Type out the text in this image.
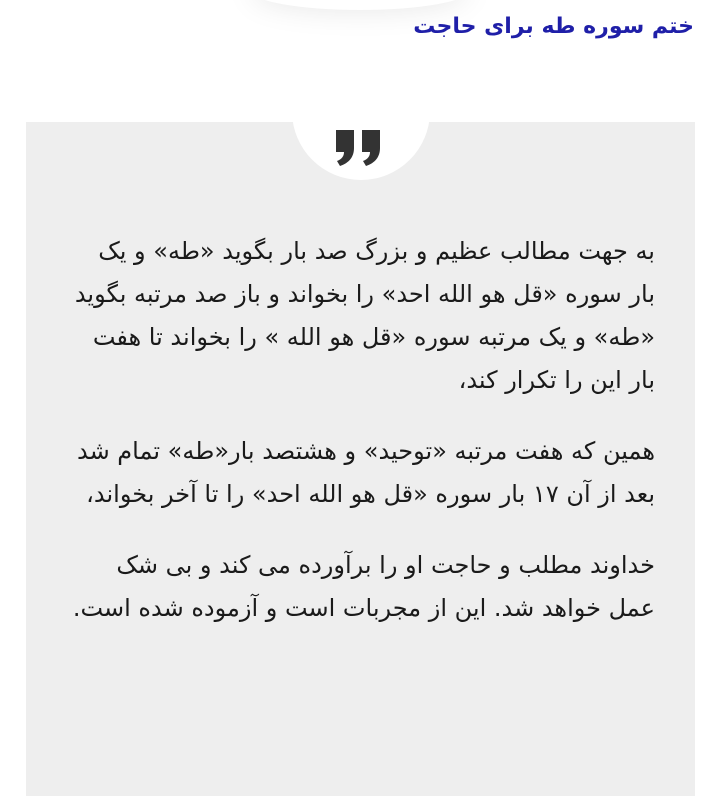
ختم سوره طه برای حاجت

به جهت مطالب عظیم و بزرگ صد بار بگوید «طه» و یک بار سوره «قل هو الله احد» را بخواند و باز صد مرتبه بگوید «طه» و یک مرتبه سوره «قل هو الله » را بخواند تا هفت بار این را تکرار کند،

همین که هفت مرتبه «توحید» و هشتصد بار«طه» تمام شد بعد از آن ۱۷ بار سوره «قل هو الله احد» را تا آخر بخواند،

خداوند مطلب و حاجت او را برآورده می کند و بی شک عمل خواهد شد. این از مجربات است و آزموده شده است.
